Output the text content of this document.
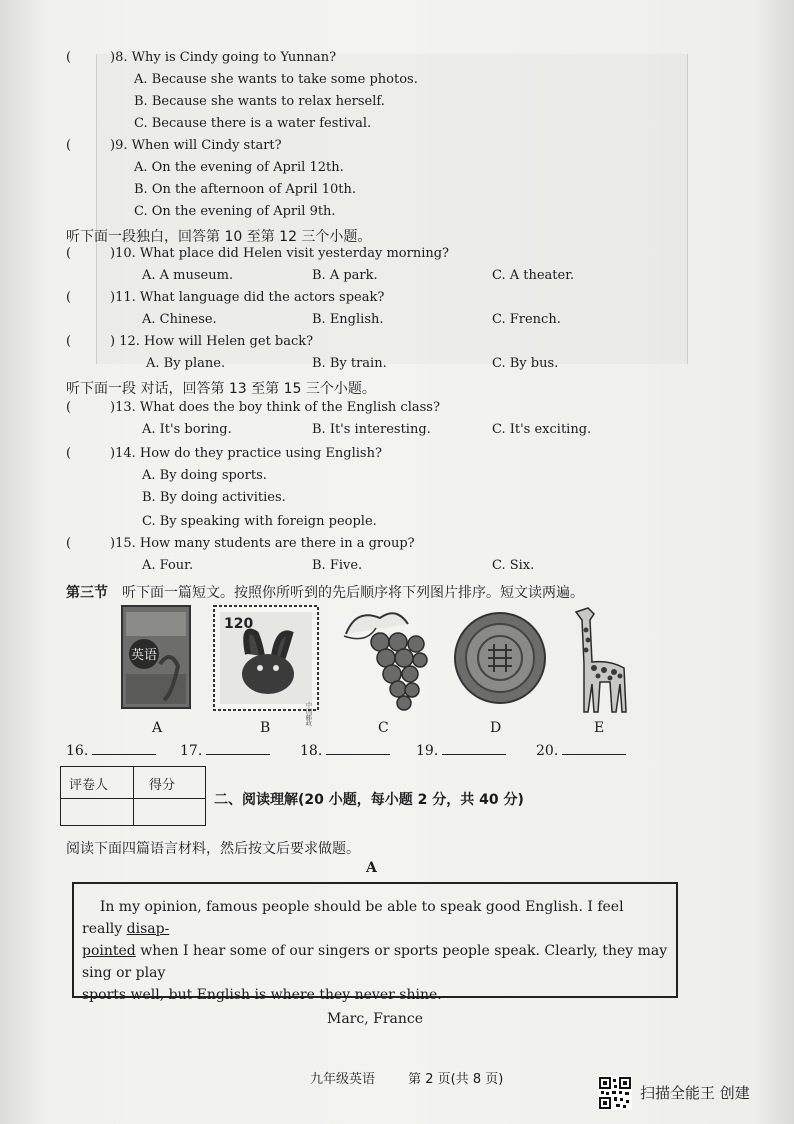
(	)8. Why is Cindy going to Yunnan?
A. Because she wants to take some photos.
B. Because she wants to relax herself.
C. Because there is a water festival.
(	)9. When will Cindy start?
A. On the evening of April 12th.
B. On the afternoon of April 10th.
C. On the evening of April 9th.
听下面一段独白，回答第 10 至第 12 三个小题。
(	)10. What place did Helen visit yesterday morning?
A. A museum.	B. A park.	C. A theater.
(	)11. What language did the actors speak?
A. Chinese.	B. English.	C. French.
(	) 12. How will Helen get back?
A. By plane.	B. By train.	C. By bus.
听下面一段 对话，回答第 13 至第 15 三个小题。
(	)13. What does the boy think of the English class?
A. It's boring.	B. It's interesting.	C. It's exciting.
(	)14. How do they practice using English?
A. By doing sports.
B. By doing activities.
C. By speaking with foreign people.
(	)15. How many students are there in a group?
A. Four.	B. Five.	C. Six.
第三节 听下面一篇短文。按照你所听到的先后顺序将下列图片排序。短文读两遍。
英语
120
中国邮政
A	B	C	D	E
16.	17.	18.	19.	20.
评卷人	得分
二、阅读理解(20 小题，每小题 2 分，共 40 分)
阅读下面四篇语言材料，然后按文后要求做题。
A
In my opinion, famous people should be able to speak good English. I feel really disap-
pointed when I hear some of our singers or sports people speak. Clearly, they may sing or play
sports well, but English is where they never shine.
Marc, France
九年级英语	第 2 页(共 8 页)
扫描全能王 创建
